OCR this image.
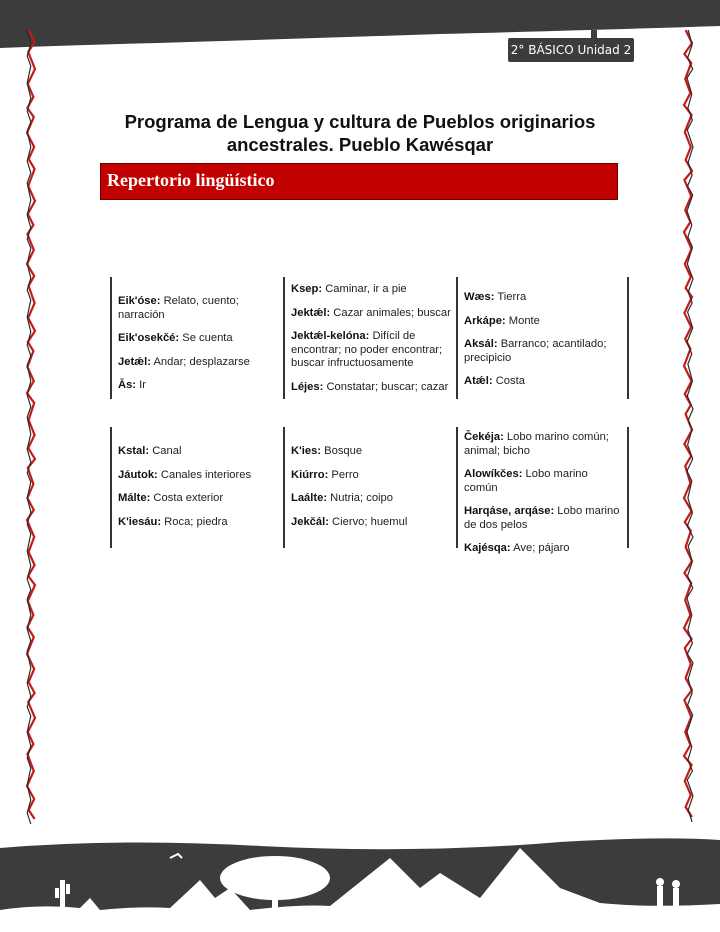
2° BÁSICO Unidad 2
Programa de Lengua y cultura de Pueblos originarios
ancestrales. Pueblo Kawésqar
Repertorio lingüístico
Eik'óse: Relato, cuento; narración
Eik'osekčé: Se cuenta
Jetǽl: Andar; desplazarse
Ās: Ir
Ksep: Caminar, ir a pie
Jektǽl: Cazar animales; buscar
Jektǽl-kelóna: Difícil de encontrar; no poder encontrar; buscar infructuosamente
Léjes: Constatar; buscar; cazar
Wæs: Tierra
Arkápe: Monte
Aksál: Barranco; acantilado; precipicio
Atǽl: Costa
Kstal: Canal
Jáutok: Canales interiores
Málte: Costa exterior
K'iesáu: Roca; piedra
K'ies: Bosque
Kiúrro: Perro
Laálte: Nutria; coipo
Jekčál: Ciervo; huemul
Čekéja: Lobo marino común; animal; bicho
Alowíkčes: Lobo marino común
Harqáse, arqáse: Lobo marino de dos pelos
Kajésqa: Ave; pájaro
